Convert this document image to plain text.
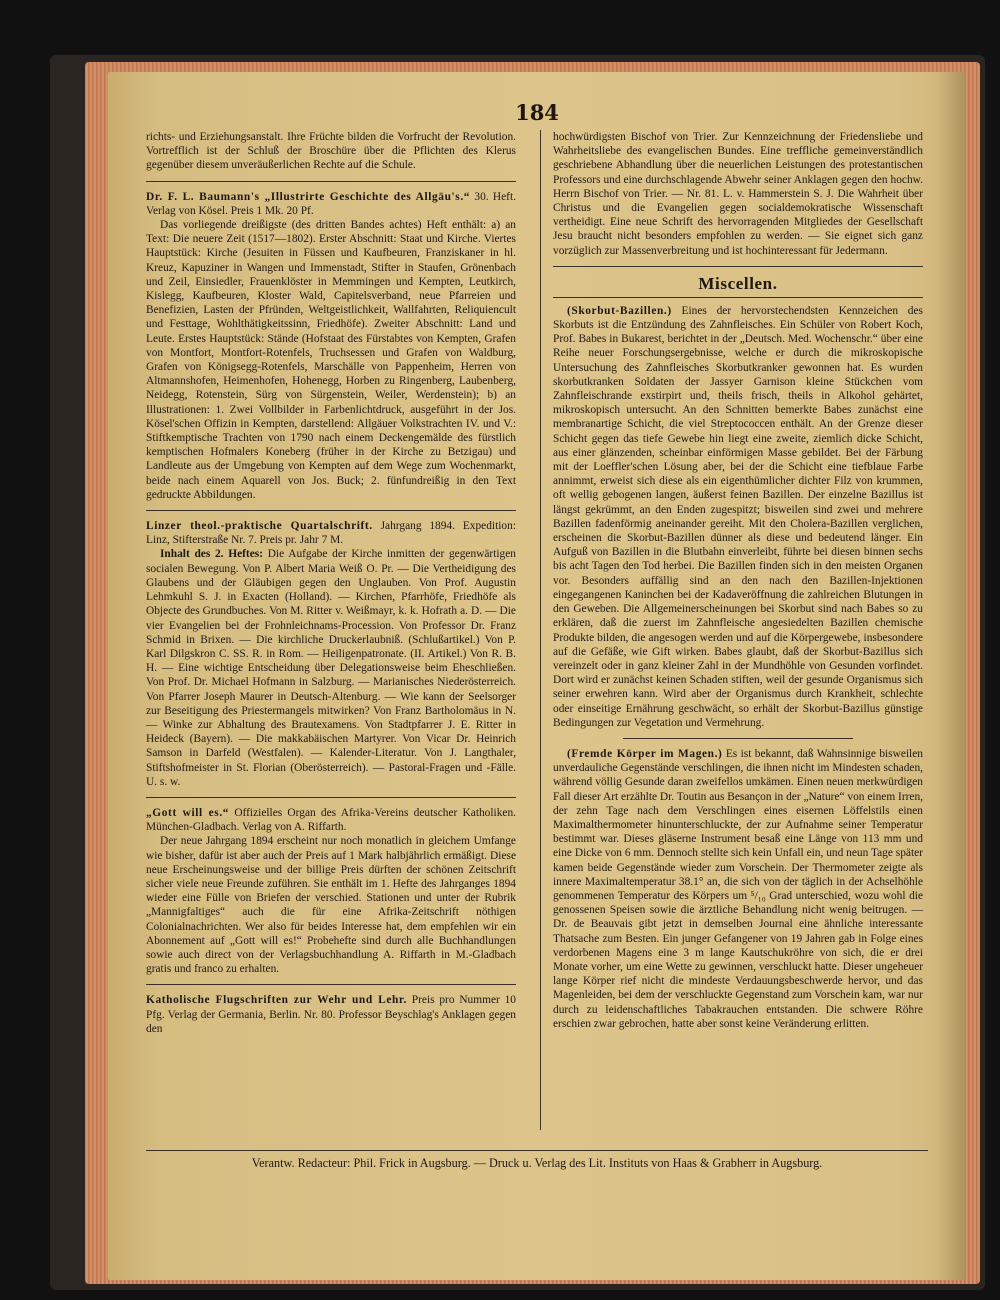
184

richts- und Erziehungsanstalt. Ihre Früchte bilden die Vorfrucht der Revolution. Vortrefflich ist der Schluß der Broschüre über die Pflichten des Klerus gegenüber diesem unveräußerlichen Rechte auf die Schule.

Dr. F. L. Baumann's „Illustrirte Geschichte des Allgäu's.“ 30. Heft. Verlag von Kösel. Preis 1 Mk. 20 Pf.

Das vorliegende dreißigste (des dritten Bandes achtes) Heft enthält: a) an Text: Die neuere Zeit (1517—1802). Erster Abschnitt: Staat und Kirche. Viertes Hauptstück: Kirche (Jesuiten in Füssen und Kaufbeuren, Franziskaner in hl. Kreuz, Kapuziner in Wangen und Immenstadt, Stifter in Staufen, Grönenbach und Zeil, Einsiedler, Frauenklöster in Memmingen und Kempten, Leutkirch, Kislegg, Kaufbeuren, Kloster Wald, Capitelsverband, neue Pfarreien und Benefizien, Lasten der Pfründen, Weltgeistlichkeit, Wallfahrten, Reliquiencult und Festtage, Wohlthätigkeitssinn, Friedhöfe). Zweiter Abschnitt: Land und Leute. Erstes Hauptstück: Stände (Hofstaat des Fürstabtes von Kempten, Grafen von Montfort, Montfort-Rotenfels, Truchsessen und Grafen von Waldburg, Grafen von Königsegg-Rotenfels, Marschälle von Pappenheim, Herren von Altmannshofen, Heimenhofen, Hohenegg, Horben zu Ringenberg, Laubenberg, Neidegg, Rotenstein, Sürg von Sürgenstein, Weiler, Werdenstein); b) an Illustrationen: 1. Zwei Vollbilder in Farbenlichtdruck, ausgeführt in der Jos. Kösel'schen Offizin in Kempten, darstellend: Allgäuer Volkstrachten IV. und V.: Stiftkemptische Trachten von 1790 nach einem Deckengemälde des fürstlich kemptischen Hofmalers Koneberg (früher in der Kirche zu Betzigau) und Landleute aus der Umgebung von Kempten auf dem Wege zum Wochenmarkt, beide nach einem Aquarell von Jos. Buck; 2. fünfundreißig in den Text gedruckte Abbildungen.

Linzer theol.-praktische Quartalschrift. Jahrgang 1894. Expedition: Linz, Stifterstraße Nr. 7. Preis pr. Jahr 7 M.

Inhalt des 2. Heftes: Die Aufgabe der Kirche inmitten der gegenwärtigen socialen Bewegung. Von P. Albert Maria Weiß O. Pr. — Die Vertheidigung des Glaubens und der Gläubigen gegen den Unglauben. Von Prof. Augustin Lehmkuhl S. J. in Exacten (Holland). — Kirchen, Pfarrhöfe, Friedhöfe als Objecte des Grundbuches. Von M. Ritter v. Weißmayr, k. k. Hofrath a. D. — Die vier Evangelien bei der Frohnleichnams-Procession. Von Professor Dr. Franz Schmid in Brixen. — Die kirchliche Druckerlaubniß. (Schlußartikel.) Von P. Karl Dilgskron C. SS. R. in Rom. — Heiligenpatronate. (II. Artikel.) Von R. B. H. — Eine wichtige Entscheidung über Delegationsweise beim Eheschließen. Von Prof. Dr. Michael Hofmann in Salzburg. — Marianisches Niederösterreich. Von Pfarrer Joseph Maurer in Deutsch-Altenburg. — Wie kann der Seelsorger zur Beseitigung des Priestermangels mitwirken? Von Franz Bartholomäus in N. — Winke zur Abhaltung des Brautexamens. Von Stadtpfarrer J. E. Ritter in Heideck (Bayern). — Die makkabäischen Martyrer. Von Vicar Dr. Heinrich Samson in Darfeld (Westfalen). — Kalender-Literatur. Von J. Langthaler, Stiftshofmeister in St. Florian (Oberösterreich). — Pastoral-Fragen und -Fälle. U. s. w.

„Gott will es.“ Offizielles Organ des Afrika-Vereins deutscher Katholiken. München-Gladbach. Verlag von A. Riffarth.

Der neue Jahrgang 1894 erscheint nur noch monatlich in gleichem Umfange wie bisher, dafür ist aber auch der Preis auf 1 Mark halbjährlich ermäßigt. Diese neue Erscheinungsweise und der billige Preis dürften der schönen Zeitschrift sicher viele neue Freunde zuführen. Sie enthält im 1. Hefte des Jahrganges 1894 wieder eine Fülle von Briefen der verschied. Stationen und unter der Rubrik „Mannigfaltiges“ auch die für eine Afrika-Zeitschrift nöthigen Colonialnachrichten. Wer also für beides Interesse hat, dem empfehlen wir ein Abonnement auf „Gott will es!“ Probehefte sind durch alle Buchhandlungen sowie auch direct von der Verlagsbuchhandlung A. Riffarth in M.-Gladbach gratis und franco zu erhalten.

Katholische Flugschriften zur Wehr und Lehr. Preis pro Nummer 10 Pfg. Verlag der Germania, Berlin. Nr. 80. Professor Beyschlag's Anklagen gegen den

hochwürdigsten Bischof von Trier. Zur Kennzeichnung der Friedensliebe und Wahrheitsliebe des evangelischen Bundes. Eine treffliche gemeinverständlich geschriebene Abhandlung über die neuerlichen Leistungen des protestantischen Professors und eine durchschlagende Abwehr seiner Anklagen gegen den hochw. Herrn Bischof von Trier. — Nr. 81. L. v. Hammerstein S. J. Die Wahrheit über Christus und die Evangelien gegen socialdemokratische Wissenschaft vertheidigt. Eine neue Schrift des hervorragenden Mitgliedes der Gesellschaft Jesu braucht nicht besonders empfohlen zu werden. — Sie eignet sich ganz vorzüglich zur Massenverbreitung und ist hochinteressant für Jedermann.

Miscellen.

(Skorbut-Bazillen.) Eines der hervorstechendsten Kennzeichen des Skorbuts ist die Entzündung des Zahnfleisches. Ein Schüler von Robert Koch, Prof. Babes in Bukarest, berichtet in der „Deutsch. Med. Wochenschr.“ über eine Reihe neuer Forschungsergebnisse, welche er durch die mikroskopische Untersuchung des Zahnfleisches Skorbutkranker gewonnen hat. Es wurden skorbutkranken Soldaten der Jassyer Garnison kleine Stückchen vom Zahnfleischrande exstirpirt und, theils frisch, theils in Alkohol gehärtet, mikroskopisch untersucht. An den Schnitten bemerkte Babes zunächst eine membranartige Schicht, die viel Streptococcen enthält. An der Grenze dieser Schicht gegen das tiefe Gewebe hin liegt eine zweite, ziemlich dicke Schicht, aus einer glänzenden, scheinbar einförmigen Masse gebildet. Bei der Färbung mit der Loeffler'schen Lösung aber, bei der die Schicht eine tiefblaue Farbe annimmt, erweist sich diese als ein eigenthümlicher dichter Filz von krummen, oft wellig gebogenen langen, äußerst feinen Bazillen. Der einzelne Bazillus ist längst gekrümmt, an den Enden zugespitzt; bisweilen sind zwei und mehrere Bazillen fadenförmig aneinander gereiht. Mit den Cholera-Bazillen verglichen, erscheinen die Skorbut-Bazillen dünner als diese und bedeutend länger. Ein Aufguß von Bazillen in die Blutbahn einverleibt, führte bei diesen binnen sechs bis acht Tagen den Tod herbei. Die Bazillen finden sich in den meisten Organen vor. Besonders auffällig sind an den nach den Bazillen-Injektionen eingegangenen Kaninchen bei der Kadaveröffnung die zahlreichen Blutungen in den Geweben. Die Allgemeinerscheinungen bei Skorbut sind nach Babes so zu erklären, daß die zuerst im Zahnfleische angesiedelten Bazillen chemische Produkte bilden, die angesogen werden und auf die Körpergewebe, insbesondere auf die Gefäße, wie Gift wirken. Babes glaubt, daß der Skorbut-Bazillus sich vereinzelt oder in ganz kleiner Zahl in der Mundhöhle von Gesunden vorfindet. Dort wird er zunächst keinen Schaden stiften, weil der gesunde Organismus sich seiner erwehren kann. Wird aber der Organismus durch Krankheit, schlechte oder einseitige Ernährung geschwächt, so erhält der Skorbut-Bazillus günstige Bedingungen zur Vegetation und Vermehrung.

(Fremde Körper im Magen.) Es ist bekannt, daß Wahnsinnige bisweilen unverdauliche Gegenstände verschlingen, die ihnen nicht im Mindesten schaden, während völlig Gesunde daran zweifellos umkämen. Einen neuen merkwürdigen Fall dieser Art erzählte Dr. Toutin aus Besançon in der „Nature“ von einem Irren, der zehn Tage nach dem Verschlingen eines eisernen Löffelstils einen Maximalthermometer hinunterschluckte, der zur Aufnahme seiner Temperatur bestimmt war. Dieses gläserne Instrument besaß eine Länge von 113 mm und eine Dicke von 6 mm. Dennoch stellte sich kein Unfall ein, und neun Tage später kamen beide Gegenstände wieder zum Vorschein. Der Thermometer zeigte als innere Maximaltemperatur 38.1° an, die sich von der täglich in der Achselhöhle genommenen Temperatur des Körpers um ⁵/₁₀ Grad unterschied, wozu wohl die genossenen Speisen sowie die ärztliche Behandlung nicht wenig beitrugen. — Dr. de Beauvais gibt jetzt in demselben Journal eine ähnliche interessante Thatsache zum Besten. Ein junger Gefangener von 19 Jahren gab in Folge eines verdorbenen Magens eine 3 m lange Kautschukröhre von sich, die er drei Monate vorher, um eine Wette zu gewinnen, verschluckt hatte. Dieser ungeheuer lange Körper rief nicht die mindeste Verdauungsbeschwerde hervor, und das Magenleiden, bei dem der verschluckte Gegenstand zum Vorschein kam, war nur durch zu leidenschaftliches Tabakrauchen entstanden. Die schwere Röhre erschien zwar gebrochen, hatte aber sonst keine Veränderung erlitten.

Verantw. Redacteur: Phil. Frick in Augsburg. — Druck u. Verlag des Lit. Instituts von Haas & Grabherr in Augsburg.
